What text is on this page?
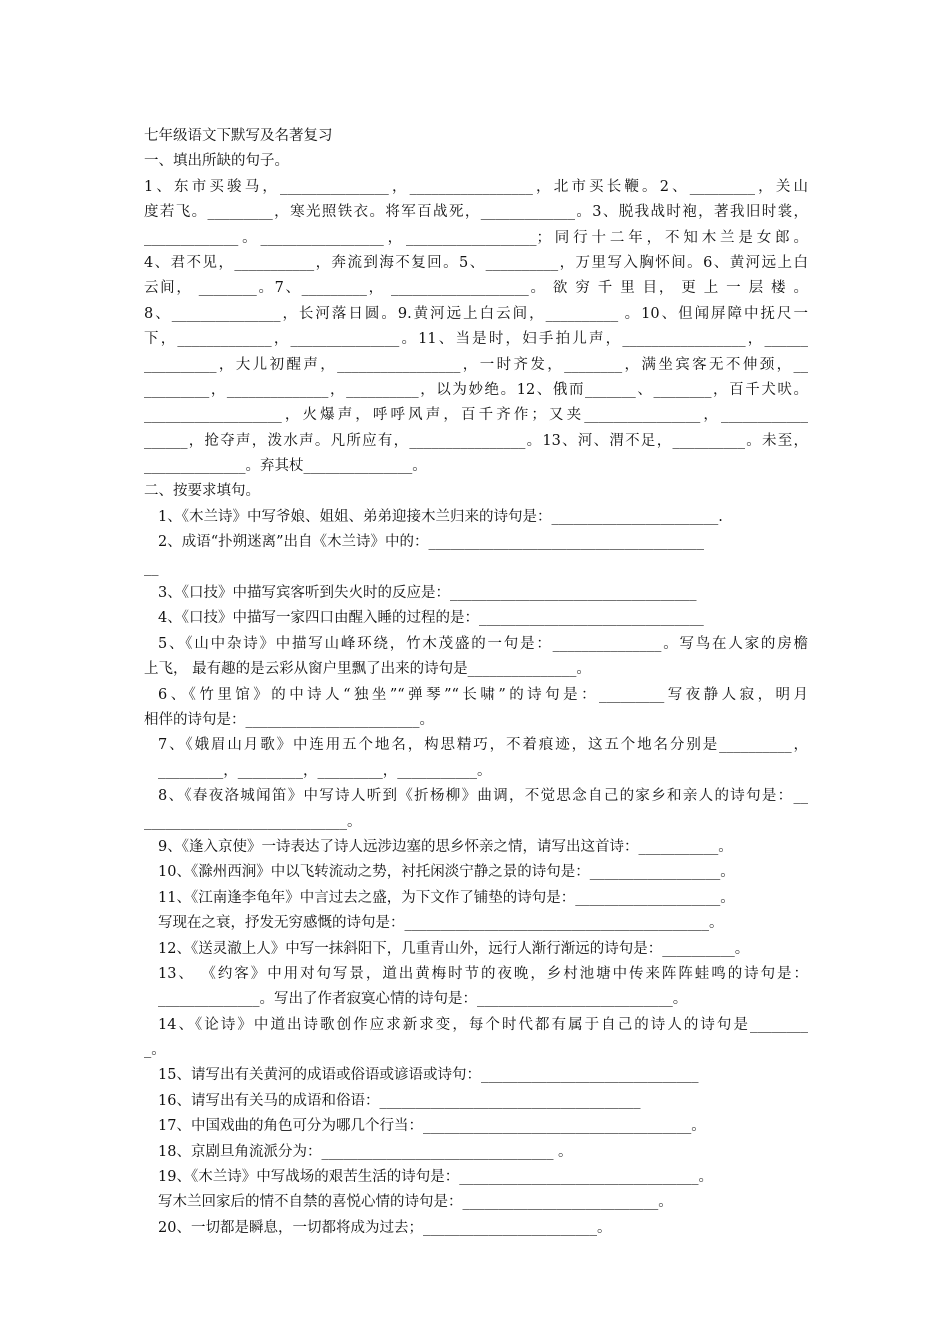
七年级语文下默写及名著复习
一、填出所缺的句子。
1、东市买骏马，_______________，_________________，北市买长鞭。2、_________，关山
度若飞。_________，寒光照铁衣。将军百战死，_____________。3、脱我战时袍，著我旧时裳，
_____________。_________________，__________________；同行十二年，不知木兰是女郎。
4、君不见，___________，奔流到海不复回。5、__________，万里写入胸怀间。6、黄河远上白
云间， ________。7、_________， ___________________。 欲 穷 千 里 目， 更 上 一 层 楼 。
8、_______________，长河落日圆。9.黄河远上白云间，__________ 。10、但闻屏障中抚尺一
下，_____________，_______________。11、当是时，妇手拍儿声，_________________，______
__________，大儿初醒声，_________________，一时齐发，________，满坐宾客无不伸颈，__
_________，______________，__________，以为妙绝。12、俄而_______、________，百千犬吠。
___________________，火爆声，呼呼风声，百千齐作；又夹________________，____________
______，抢夺声，泼水声。凡所应有，________________。13、河、渭不足，__________。未至，
______________。弃其杖_______________。
二、按要求填句。
1、《木兰诗》中写爷娘、姐姐、弟弟迎接木兰归来的诗句是：_______________________.
2、成语“扑朔迷离”出自《木兰诗》中的：______________________________________
__
3、《口技》中描写宾客听到失火时的反应是：__________________________________
4、《口技》中描写一家四口由醒入睡的过程的是：_______________________________
5、《山中杂诗》中描写山峰环绕，竹木茂盛的一句是：_______________。写鸟在人家的房檐
上飞， 最有趣的是云彩从窗户里飘了出来的诗句是_______________。
6、《竹里馆》的中诗人“独坐”“弹琴”“长啸”的诗句是：_________写夜静人寂，明月
相伴的诗句是：________________________。
7、《娥眉山月歌》中连用五个地名，构思精巧，不着痕迹，这五个地名分别是__________，
_________，_________，_________，___________。
8、《春夜洛城闻笛》中写诗人听到《折杨柳》曲调，不觉思念自己的家乡和亲人的诗句是：__
____________________________。
9、《逢入京使》一诗表达了诗人远涉边塞的思乡怀亲之情，请写出这首诗：___________。
10、《滁州西涧》中以飞转流动之势，衬托闲淡宁静之景的诗句是：__________________。
11、《江南逢李龟年》中言过去之盛，为下文作了铺垫的诗句是：____________________。
写现在之衰，抒发无穷感慨的诗句是：__________________________________________。
12、《送灵澈上人》中写一抹斜阳下，几重青山外，远行人渐行渐远的诗句是：__________。
13、 《约客》中用对句写景，道出黄梅时节的夜晚，乡村池塘中传来阵阵蛙鸣的诗句是：
______________。写出了作者寂寞心情的诗句是：___________________________。
14、《论诗》中道出诗歌创作应求新求变，每个时代都有属于自己的诗人的诗句是________
_。
15、请写出有关黄河的成语或俗语或谚语或诗句：______________________________
16、请写出有关马的成语和俗语：____________________________________
17、中国戏曲的角色可分为哪几个行当：_____________________________________。
18、京剧旦角流派分为：________________________________ 。
19、《木兰诗》中写战场的艰苦生活的诗句是：_________________________________。
写木兰回家后的情不自禁的喜悦心情的诗句是：___________________________。
20、一切都是瞬息，一切都将成为过去；________________________。
